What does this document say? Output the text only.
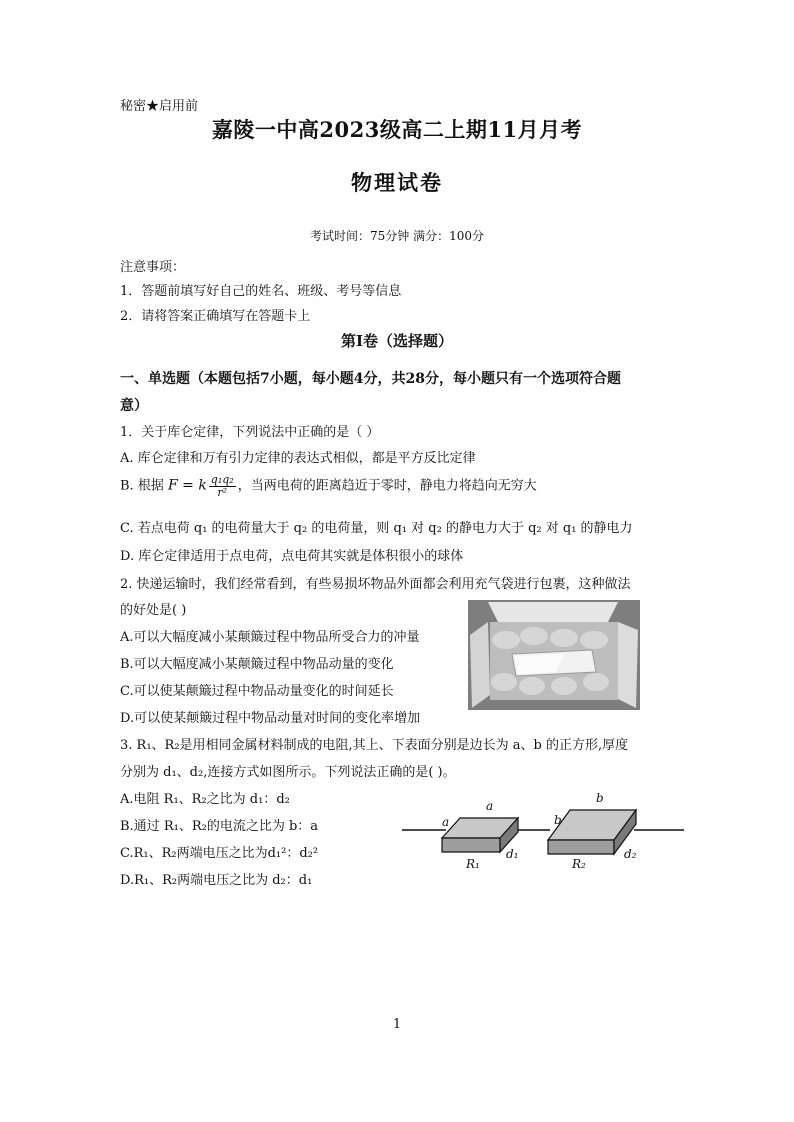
秘密★启用前
嘉陵一中高2023级高二上期11月月考
物理试卷
考试时间：75分钟 满分：100分
注意事项：
1．答题前填写好自己的姓名、班级、考号等信息
2．请将答案正确填写在答题卡上
第Ⅰ卷（选择题）
一、单选题（本题包括7小题，每小题4分，共28分，每小题只有一个选项符合题
意）
1．关于库仑定律，下列说法中正确的是（ ）
A. 库仑定律和万有引力定律的表达式相似，都是平方反比定律
B. 根据 F = k $\frac{\text{q₁q₂}}{\text{r²}}$ ，当两电荷的距离趋近于零时，静电力将趋向无穷大
C. 若点电荷 q₁ 的电荷量大于 q₂ 的电荷量，则 q₁ 对 q₂ 的静电力大于 q₂ 对 q₁ 的静电力
D. 库仑定律适用于点电荷，点电荷其实就是体积很小的球体
2. 快递运输时，我们经常看到，有些易损坏物品外面都会利用充气袋进行包裹，这种做法
的好处是( )
A.可以大幅度减小某颠簸过程中物品所受合力的冲量
B.可以大幅度减小某颠簸过程中物品动量的变化
C.可以使某颠簸过程中物品动量变化的时间延长
D.可以使某颠簸过程中物品动量对时间的变化率增加
3. R₁、R₂是用相同金属材料制成的电阻,其上、下表面分别是边长为 a、b 的正方形,厚度
分别为 d₁、d₂,连接方式如图所示。下列说法正确的是( )。
A.电阻 R₁、R₂之比为 d₁：d₂
B.通过 R₁、R₂的电流之比为 b：a
C.R₁、R₂两端电压之比为d₁²：d₂²
D.R₁、R₂两端电压之比为 d₂：d₁
a
a
d₁
R₁
b
b
d₂
R₂
1
